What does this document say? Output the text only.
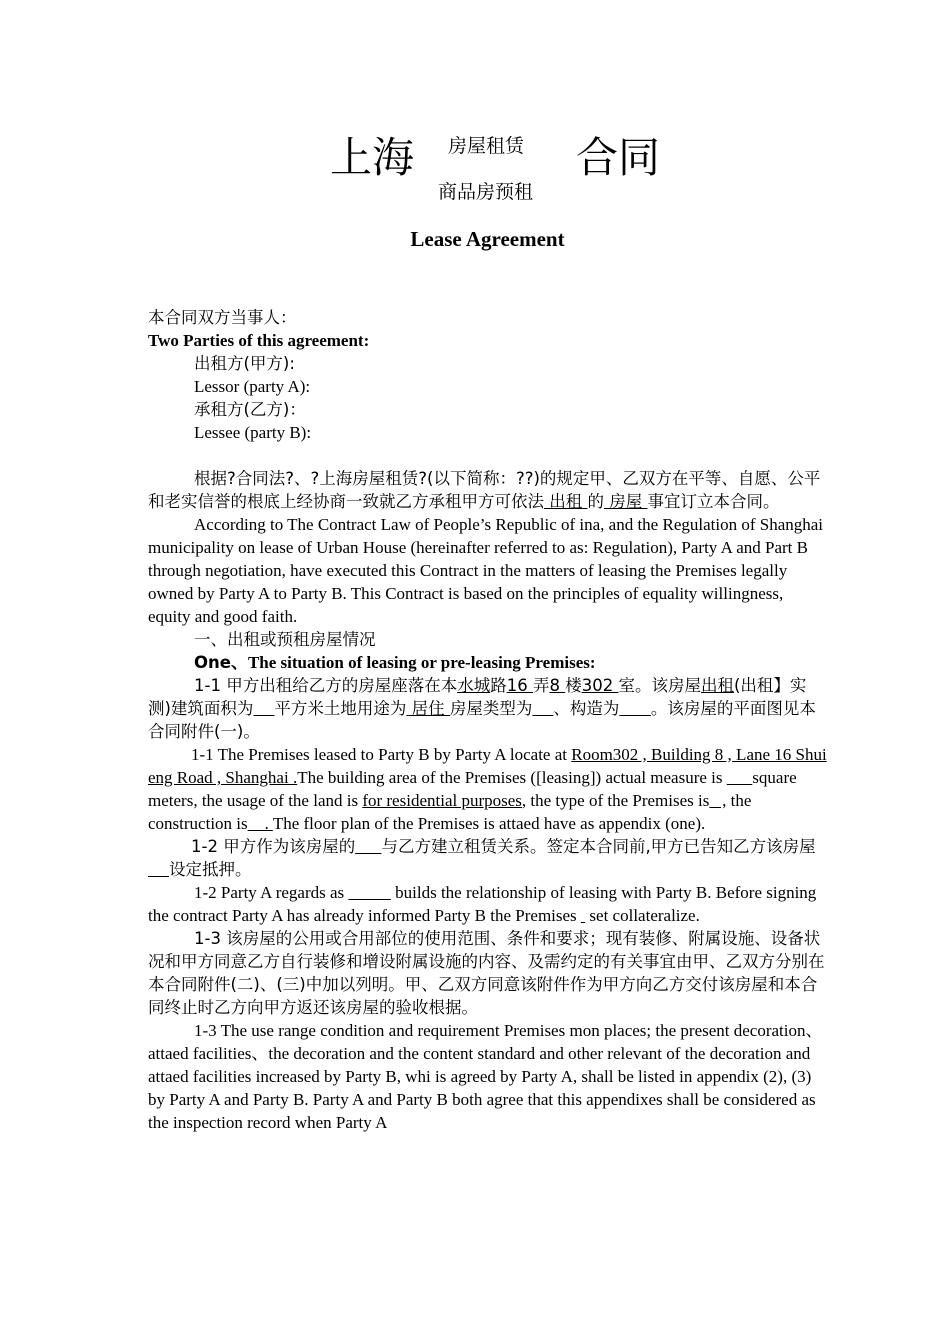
上海 房屋租赁
商品房预租
合同
Lease Agreement

本合同双方当事人：

Two Parties of this agreement:

出租方(甲方):

Lessor (party A):

承租方(乙方)：

Lessee (party B):

根据?合同法?、?上海房屋租赁?(以下简称：??)的规定甲、乙双方在平等、自愿、公平和老实信誉的根底上经协商一致就乙方承租甲方可依法 出租 的 房屋 事宜订立本合同。

According to The Contract Law of People’s Republic of ina, and the Regulation of Shanghai municipality on lease of Urban House (hereinafter referred to as: Regulation), Party A and Part B through negotiation, have executed this Contract in the matters of leasing the Premises legally owned by Party A to Party B. This Contract is based on the principles of equality willingness, equity and good faith.

一、出租或预租房屋情况

One、The situation of leasing or pre-leasing Premises:

1-1 甲方出租给乙方的房屋座落在本水城路16 弄8 楼302 室。该房屋出租(出租】实测)建筑面积为 平方米土地用途为 居住 房屋类型为 、构造为 。该房屋的平面图见本合同附件(一)。

1-1 The Premises leased to Party B by Party A locate at Room302 , Building 8 , Lane 16 Shui eng Road , Shanghai .The building area of the Premises ([leasing]) actual measure is       square meters, the usage of the land is for residential purposes, the type of the Premises is   , the construction is    . The floor plan of the Premises is attaed have as appendix (one).

1-2 甲方作为该房屋的 与乙方建立租赁关系。签定本合同前,甲方已告知乙方该房屋    设定抵押。

1-2 Party A regards as	builds the relationship of leasing with Party B. Before signing the contract Party A has already informed Party B the Premises   set collateralize.

1-3 该房屋的公用或合用部位的使用范围、条件和要求；现有装修、附属设施、设备状况和甲方同意乙方自行装修和增设附属设施的内容、及需约定的有关事宜由甲、乙双方分别在本合同附件(二)、(三)中加以列明。甲、乙双方同意该附件作为甲方向乙方交付该房屋和本合同终止时乙方向甲方返还该房屋的验收根据。

1-3 The use range condition and requirement Premises mon places; the present decoration、attaed facilities、the decoration and the content standard and other relevant of the decoration and attaed facilities increased by Party B, whi is agreed by Party A, shall be listed in appendix (2), (3) by Party A and Party B. Party A and Party B both agree that this appendixes shall be considered as the inspection record when Party A
